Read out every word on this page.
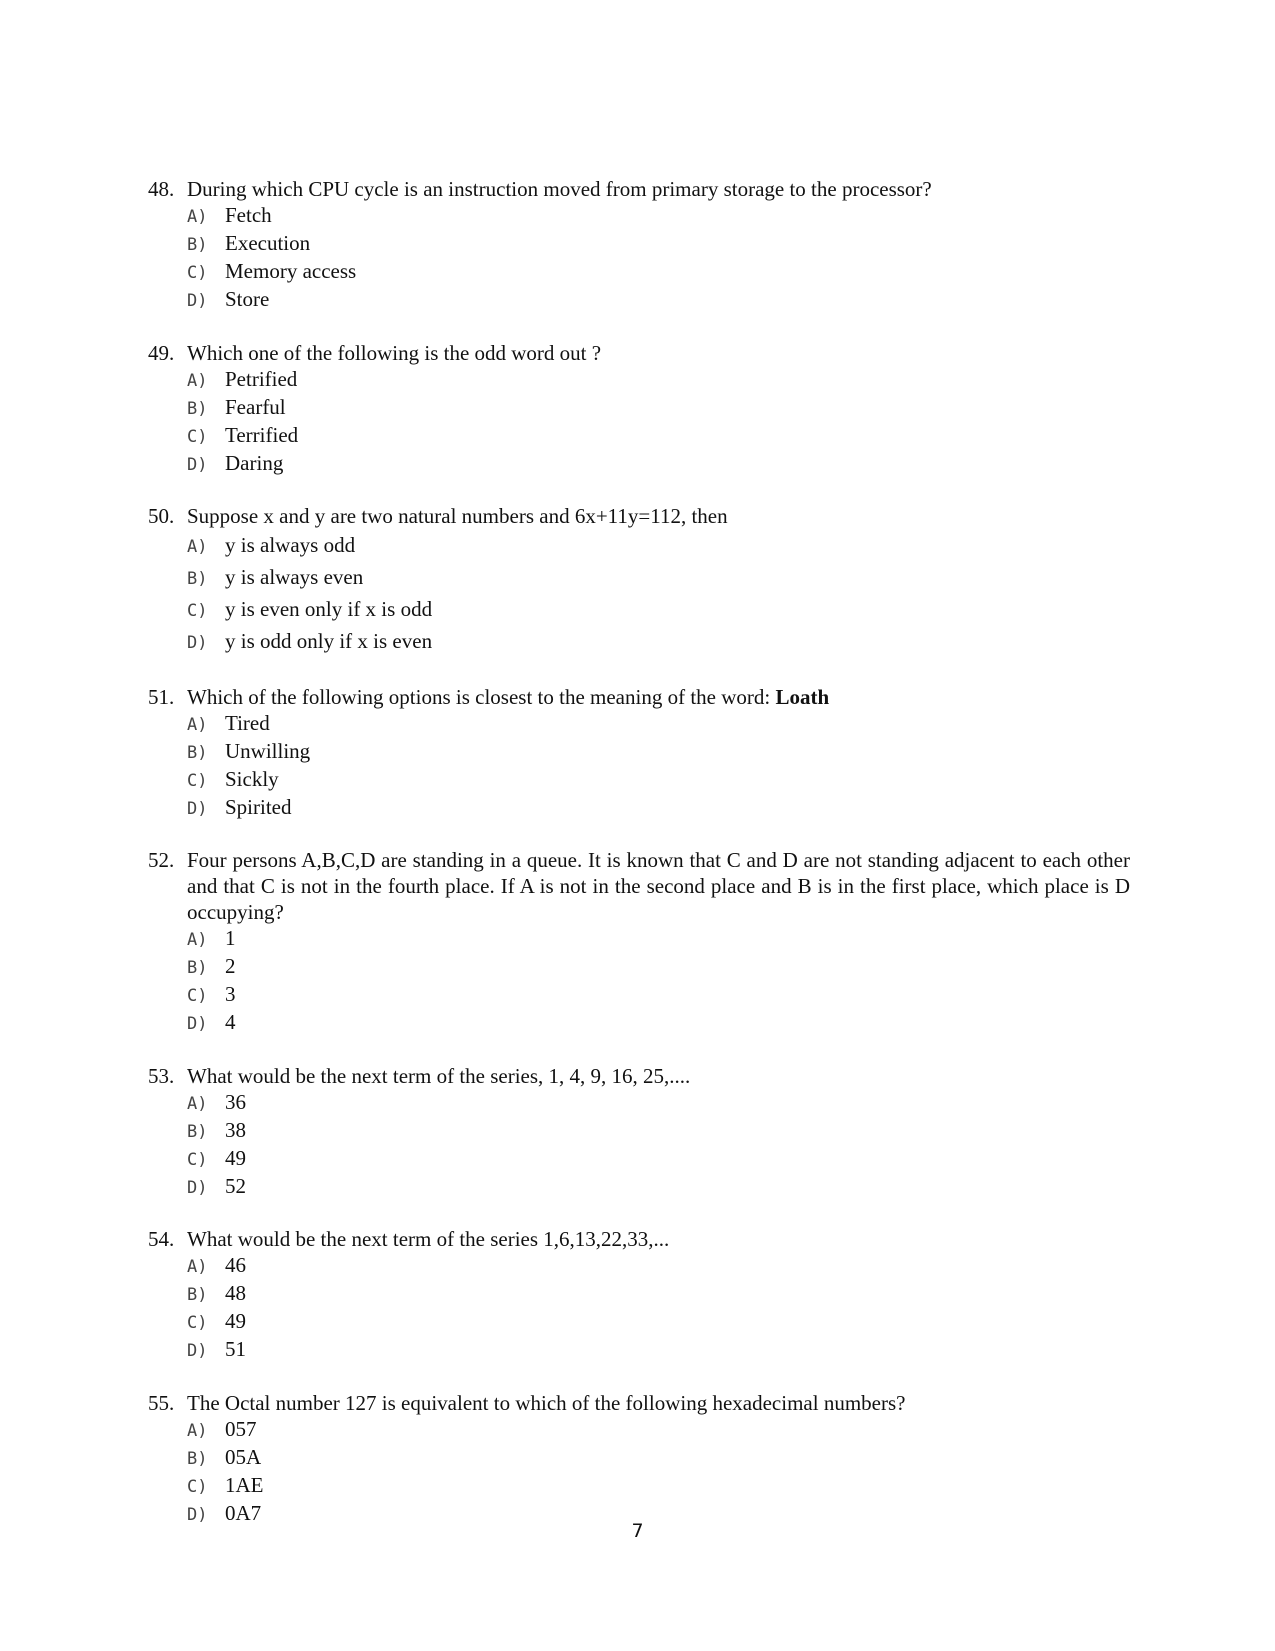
48. During which CPU cycle is an instruction moved from primary storage to the processor?
A) Fetch
B) Execution
C) Memory access
D) Store
49. Which one of the following is the odd word out ?
A) Petrified
B) Fearful
C) Terrified
D) Daring
50. Suppose x and y are two natural numbers and 6x+11y=112, then
A) y is always odd
B) y is always even
C) y is even only if x is odd
D) y is odd only if x is even
51. Which of the following options is closest to the meaning of the word: Loath
A) Tired
B) Unwilling
C) Sickly
D) Spirited
52. Four persons A,B,C,D are standing in a queue. It is known that C and D are not standing adjacent to each other and that C is not in the fourth place. If A is not in the second place and B is in the first place, which place is D occupying?
A) 1
B) 2
C) 3
D) 4
53. What would be the next term of the series, 1, 4, 9, 16, 25,....
A) 36
B) 38
C) 49
D) 52
54. What would be the next term of the series 1,6,13,22,33,...
A) 46
B) 48
C) 49
D) 51
55. The Octal number 127 is equivalent to which of the following hexadecimal numbers?
A) 057
B) 05A
C) 1AE
D) 0A7
7
